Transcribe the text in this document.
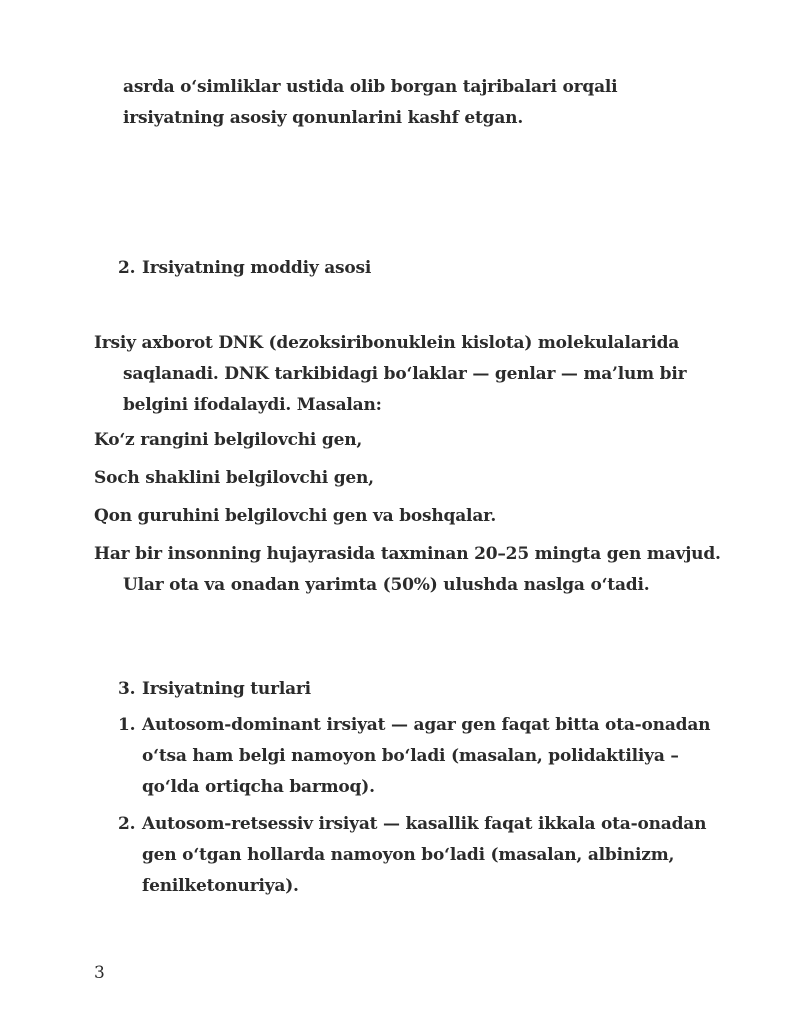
asrda o‘simliklar ustida olib borgan tajribalari orqali irsiyatning asosiy qonunlarini kashf etgan.

2. Irsiyatning moddiy asosi

Irsiy axborot DNK (dezoksiribonuklein kislota) molekulalarida saqlanadi. DNK tarkibidagi bo‘laklar — genlar — ma’lum bir belgini ifodalaydi. Masalan:

Ko‘z rangini belgilovchi gen,

Soch shaklini belgilovchi gen,

Qon guruhini belgilovchi gen va boshqalar.

Har bir insonning hujayrasida taxminan 20–25 mingta gen mavjud. Ular ota va onadan yarimta (50%) ulushda naslga o‘tadi.

3. Irsiyatning turlari
1. Autosom-dominant irsiyat — agar gen faqat bitta ota-onadan o‘tsa ham belgi namoyon bo‘ladi (masalan, polidaktiliya – qo‘lda ortiqcha barmoq).
2. Autosom-retsessiv irsiyat — kasallik faqat ikkala ota-onadan gen o‘tgan hollarda namoyon bo‘ladi (masalan, albinizm, fenilketonuriya).
3
